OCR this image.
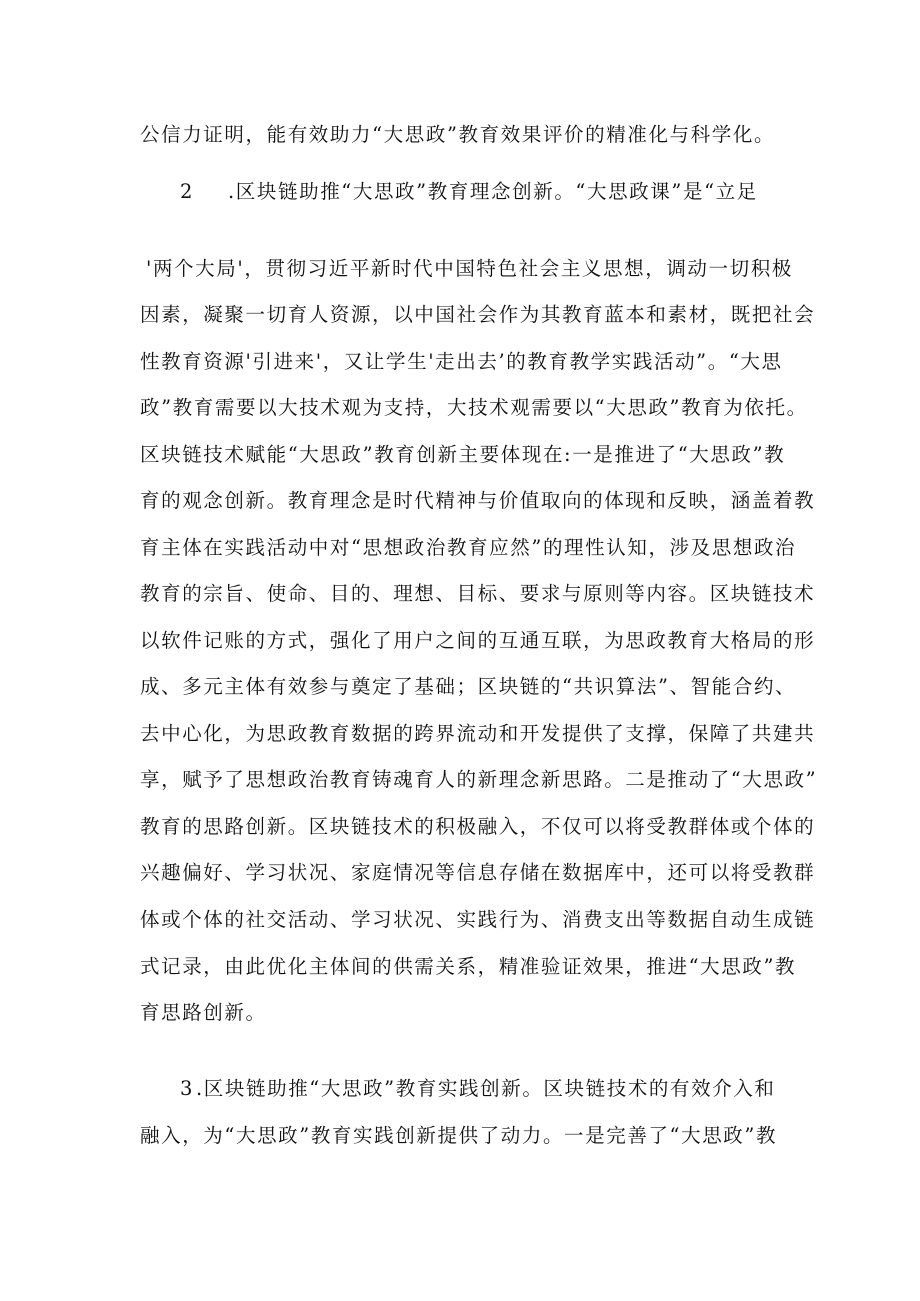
公信力证明，能有效助力“大思政”教育效果评价的精准化与科学化。
2 .区块链助推“大思政”教育理念创新。“大思政课”是“立足
'两个大局'，贯彻习近平新时代中国特色社会主义思想，调动一切积极
因素，凝聚一切育人资源，以中国社会作为其教育蓝本和素材，既把社会
性教育资源'引进来'，又让学生'走出去’的教育教学实践活动”。“大思
政”教育需要以大技术观为支持，大技术观需要以“大思政”教育为依托。
区块链技术赋能“大思政”教育创新主要体现在:一是推进了“大思政”教
育的观念创新。教育理念是时代精神与价值取向的体现和反映，涵盖着教
育主体在实践活动中对“思想政治教育应然”的理性认知，涉及思想政治
教育的宗旨、使命、目的、理想、目标、要求与原则等内容。区块链技术
以软件记账的方式，强化了用户之间的互通互联，为思政教育大格局的形
成、多元主体有效参与奠定了基础；区块链的“共识算法”、智能合约、
去中心化，为思政教育数据的跨界流动和开发提供了支撑，保障了共建共
享，赋予了思想政治教育铸魂育人的新理念新思路。二是推动了“大思政”
教育的思路创新。区块链技术的积极融入，不仅可以将受教群体或个体的
兴趣偏好、学习状况、家庭情况等信息存储在数据库中，还可以将受教群
体或个体的社交活动、学习状况、实践行为、消费支出等数据自动生成链
式记录，由此优化主体间的供需关系，精准验证效果，推进“大思政”教
育思路创新。
3 .区块链助推“大思政”教育实践创新。区块链技术的有效介入和
融入，为“大思政”教育实践创新提供了动力。一是完善了“大思政”教
